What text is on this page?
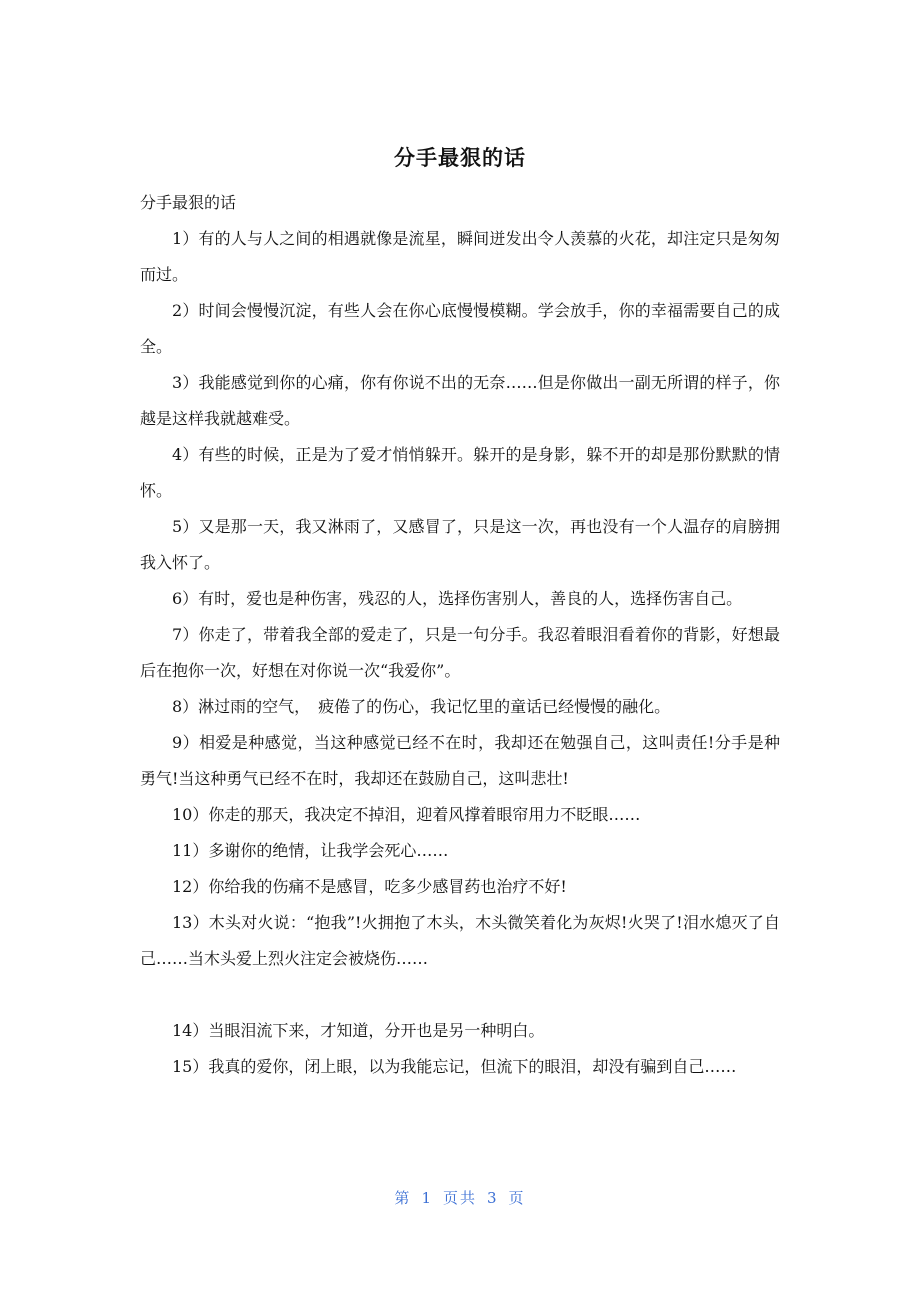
分手最狠的话

分手最狠的话

1）有的人与人之间的相遇就像是流星，瞬间迸发出令人羡慕的火花，却注定只是匆匆而过。

2）时间会慢慢沉淀，有些人会在你心底慢慢模糊。学会放手，你的幸福需要自己的成全。

3）我能感觉到你的心痛，你有你说不出的无奈……但是你做出一副无所谓的样子，你越是这样我就越难受。

4）有些的时候，正是为了爱才悄悄躲开。躲开的是身影，躲不开的却是那份默默的情怀。

5）又是那一天，我又淋雨了，又感冒了，只是这一次，再也没有一个人温存的肩膀拥我入怀了。

6）有时，爱也是种伤害，残忍的人，选择伤害别人，善良的人，选择伤害自己。

7）你走了，带着我全部的爱走了，只是一句分手。我忍着眼泪看着你的背影，好想最后在抱你一次，好想在对你说一次“我爱你”。

8）淋过雨的空气，　疲倦了的伤心，我记忆里的童话已经慢慢的融化。

9）相爱是种感觉，当这种感觉已经不在时，我却还在勉强自己，这叫责任!分手是种勇气!当这种勇气已经不在时，我却还在鼓励自己，这叫悲壮!

10）你走的那天，我决定不掉泪，迎着风撑着眼帘用力不眨眼……

11）多谢你的绝情，让我学会死心……

12）你给我的伤痛不是感冒，吃多少感冒药也治疗不好!

13）木头对火说：“抱我”!火拥抱了木头，木头微笑着化为灰烬!火哭了!泪水熄灭了自己……当木头爱上烈火注定会被烧伤……

14）当眼泪流下来，才知道，分开也是另一种明白。

15）我真的爱你，闭上眼，以为我能忘记，但流下的眼泪，却没有骗到自己……

第 1 页共 3 页
